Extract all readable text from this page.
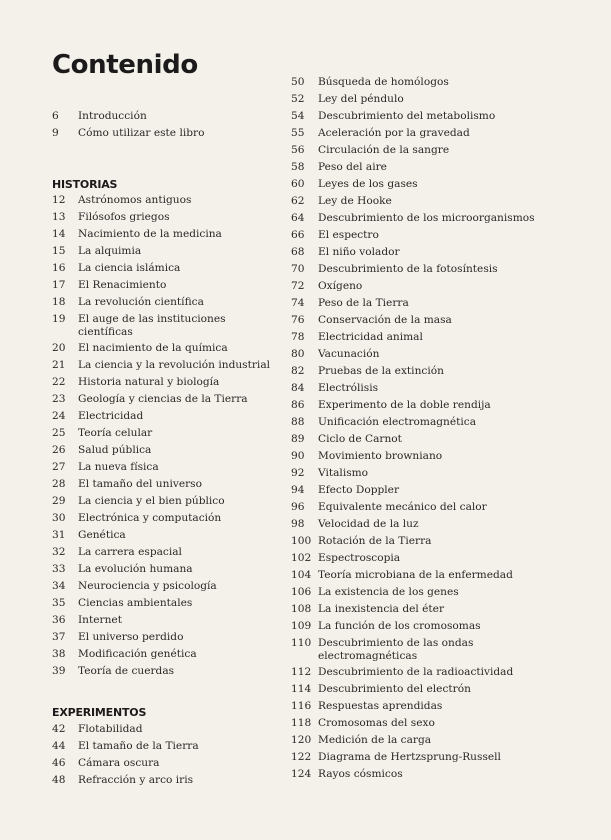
Contenido
6	Introducción
9	Cómo utilizar este libro
HISTORIAS
12	Astrónomos antiguos
13	Filósofos griegos
14	Nacimiento de la medicina
15	La alquimia
16	La ciencia islámica
17	El Renacimiento
18	La revolución científica
19	El auge de las instituciones científicas
20	El nacimiento de la química
21	La ciencia y la revolución industrial
22	Historia natural y biología
23	Geología y ciencias de la Tierra
24	Electricidad
25	Teoría celular
26	Salud pública
27	La nueva física
28	El tamaño del universo
29	La ciencia y el bien público
30	Electrónica y computación
31	Genética
32	La carrera espacial
33	La evolución humana
34	Neurociencia y psicología
35	Ciencias ambientales
36	Internet
37	El universo perdido
38	Modificación genética
39	Teoría de cuerdas
EXPERIMENTOS
42	Flotabilidad
44	El tamaño de la Tierra
46	Cámara oscura
48	Refracción y arco iris
50	Búsqueda de homólogos
52	Ley del péndulo
54	Descubrimiento del metabolismo
55	Aceleración por la gravedad
56	Circulación de la sangre
58	Peso del aire
60	Leyes de los gases
62	Ley de Hooke
64	Descubrimiento de los microorganismos
66	El espectro
68	El niño volador
70	Descubrimiento de la fotosíntesis
72	Oxígeno
74	Peso de la Tierra
76	Conservación de la masa
78	Electricidad animal
80	Vacunación
82	Pruebas de la extinción
84	Electrólisis
86	Experimento de la doble rendija
88	Unificación electromagnética
89	Ciclo de Carnot
90	Movimiento browniano
92	Vitalismo
94	Efecto Doppler
96	Equivalente mecánico del calor
98	Velocidad de la luz
100 Rotación de la Tierra
102 Espectroscopia
104 Teoría microbiana de la enfermedad
106 La existencia de los genes
108 La inexistencia del éter
109 La función de los cromosomas
110 Descubrimiento de las ondas electromagnéticas
112 Descubrimiento de la radioactividad
114 Descubrimiento del electrón
116 Respuestas aprendidas
118 Cromosomas del sexo
120 Medición de la carga
122 Diagrama de Hertzsprung-Russell
124 Rayos cósmicos
